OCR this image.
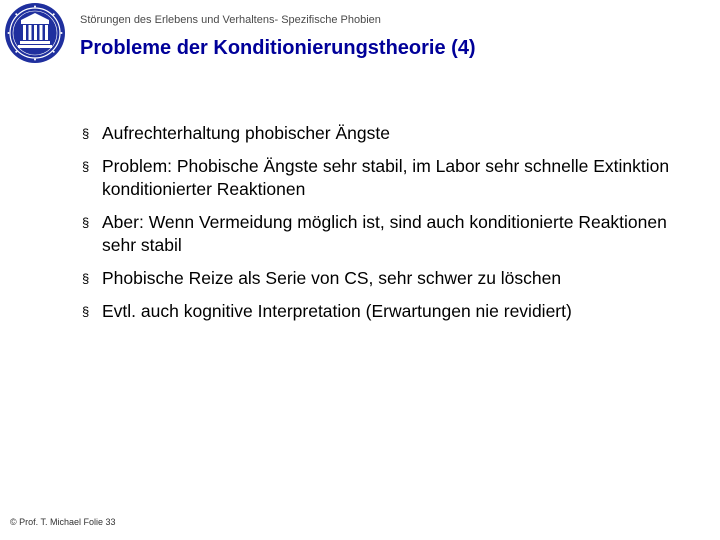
Störungen des Erlebens und Verhaltens- Spezifische Phobien
Probleme der Konditionierungstheorie (4)
§ Aufrechterhaltung phobischer Ängste
§ Problem: Phobische Ängste sehr stabil, im Labor sehr schnelle Extinktion konditionierter Reaktionen
§ Aber: Wenn Vermeidung möglich ist, sind auch konditionierte Reaktionen sehr stabil
§ Phobische Reize als Serie von CS, sehr schwer zu löschen
§ Evtl. auch kognitive Interpretation (Erwartungen nie revidiert)
© Prof. T. Michael Folie 33
